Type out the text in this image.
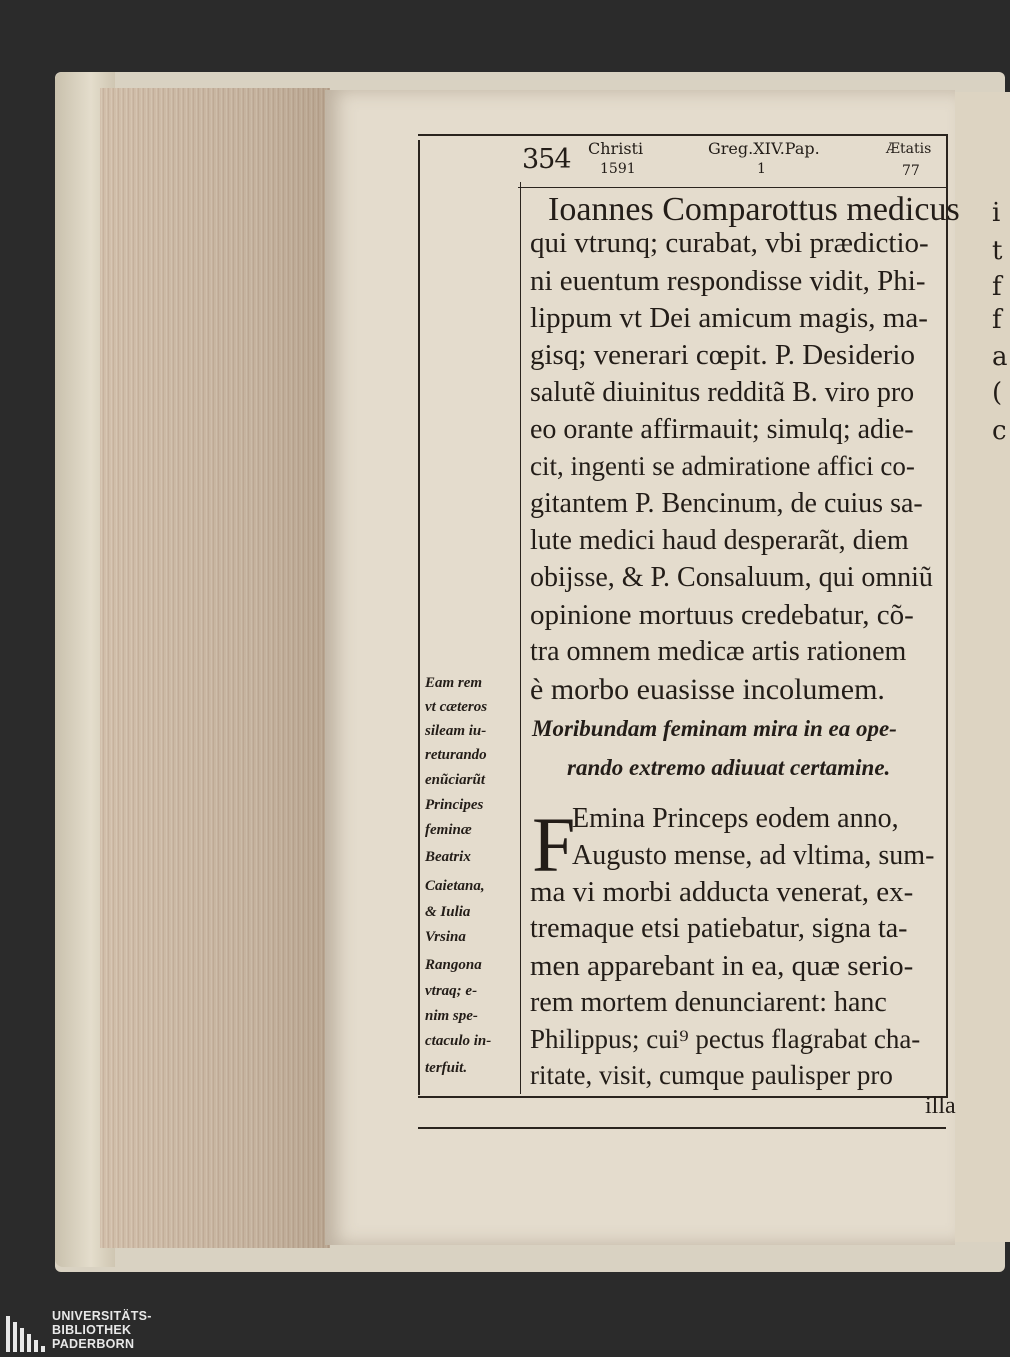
i
t
f
f
a
(
c
354 Christi
1591
Greg.XIV.Pap.
1
Ætatis
77
Ioannes Comparottus medicus
qui vtrunq; curabat, vbi prædictio-
ni euentum respondisse vidit, Phi-
lippum vt Dei amicum magis, ma-
gisq; venerari cœpit. P. Desiderio
salutẽ diuinitus redditã B. viro pro
eo orante affirmauit; simulq; adie-
cit, ingenti se admiratione affici co-
gitantem P. Bencinum, de cuius sa-
lute medici haud desperarãt, diem
obijsse, & P. Consaluum, qui omniũ
opinione mortuus credebatur, cõ-
tra omnem medicæ artis rationem
è morbo euasisse incolumem.
Moribundam feminam mira in ea ope-
rando extremo adiuuat certamine.
F
Emina Princeps eodem anno,
Augusto mense, ad vltima, sum-
ma vi morbi adducta venerat, ex-
tremaque etsi patiebatur, signa ta-
men apparebant in ea, quæ serio-
rem mortem denunciarent: hanc
Philippus; cui⁹ pectus flagrabat cha-
ritate, visit, cumque paulisper pro
illa
Eam rem
vt cæteros
sileam iu-
returando
enũciarũt
Principes
feminæ
Beatrix
Caietana,
& Iulia
Vrsina
Rangona
vtraq; e-
nim spe-
ctaculo in-
terfuit.
UNIVERSITÄTS-
BIBLIOTHEK
PADERBORN
